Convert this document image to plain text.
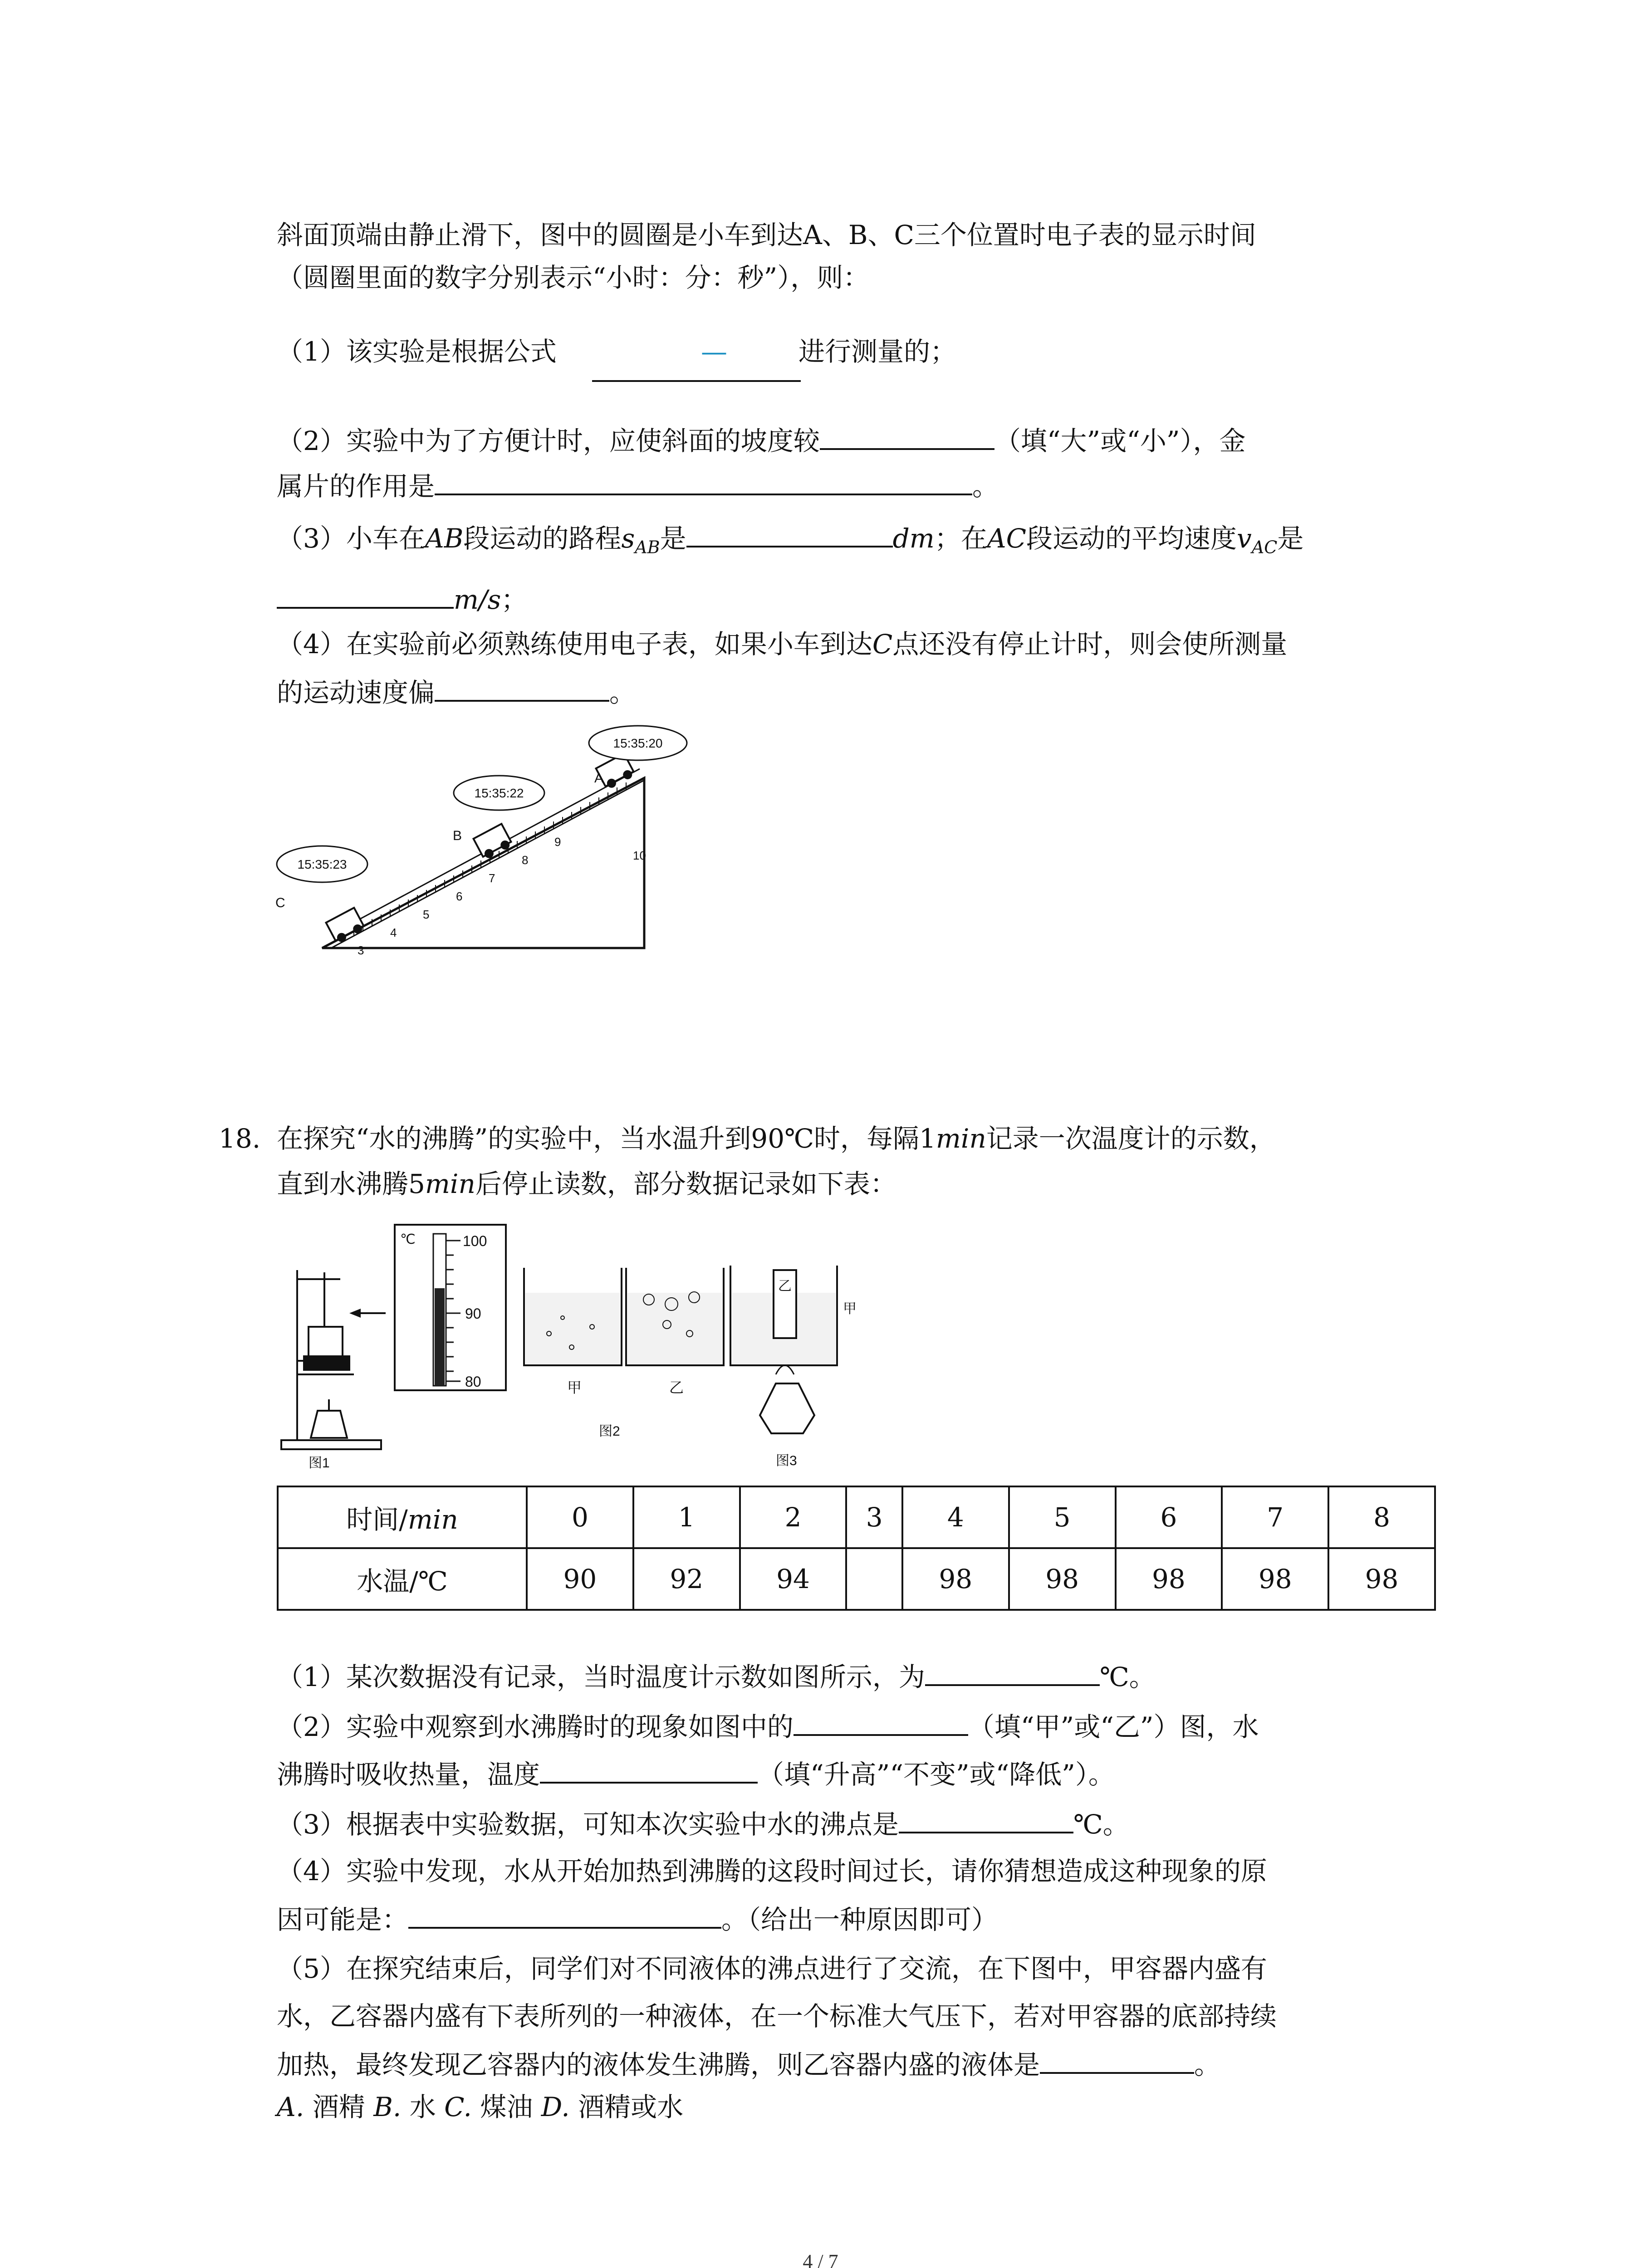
斜面顶端由静止滑下，图中的圆圈是小车到达A、B、C三个位置时电子表的显示时间
（圆圈里面的数字分别表示“小时：分：秒”），则：
（1）该实验是根据公式	—	进行测量的；
（2）实验中为了方便计时，应使斜面的坡度较	（填“大”或“小”），金
属片的作用是	。
（3）小车在AB段运动的路程$s_{AB}$是	dm；在AC段运动的平均速度$v_{AC}$是
m/s；
（4）在实验前必须熟练使用电子表，如果小车到达C点还没有停止计时，则会使所测量
的运动速度偏	。
3
4
5
6
7
8
9
10
A
B
C
15:35:20
15:35:22
15:35:23
18. 在探究“水的沸腾”的实验中，当水温升到90℃时，每隔1min记录一次温度计的示数，
直到水沸腾5min后停止读数，部分数据记录如下表：
图1
℃	100
90
80	甲	乙
图2
乙
甲
图3
时间/min	0	1	2	3	4	5	6	7	8
水温/℃	90	92	94		98	98	98	98	98
（1）某次数据没有记录，当时温度计示数如图所示，为	℃。
（2）实验中观察到水沸腾时的现象如图中的	（填“甲”或“乙”）图，水
沸腾时吸收热量，温度	（填“升高”“不变”或“降低”）。
（3）根据表中实验数据，可知本次实验中水的沸点是	℃。
（4）实验中发现，水从开始加热到沸腾的这段时间过长，请你猜想造成这种现象的原
因可能是：	。（给出一种原因即可）
（5）在探究结束后，同学们对不同液体的沸点进行了交流，在下图中，甲容器内盛有
水，乙容器内盛有下表所列的一种液体，在一个标准大气压下，若对甲容器的底部持续
加热，最终发现乙容器内的液体发生沸腾，则乙容器内盛的液体是	。
A. 酒精 B. 水 C. 煤油 D. 酒精或水
4 / 7
